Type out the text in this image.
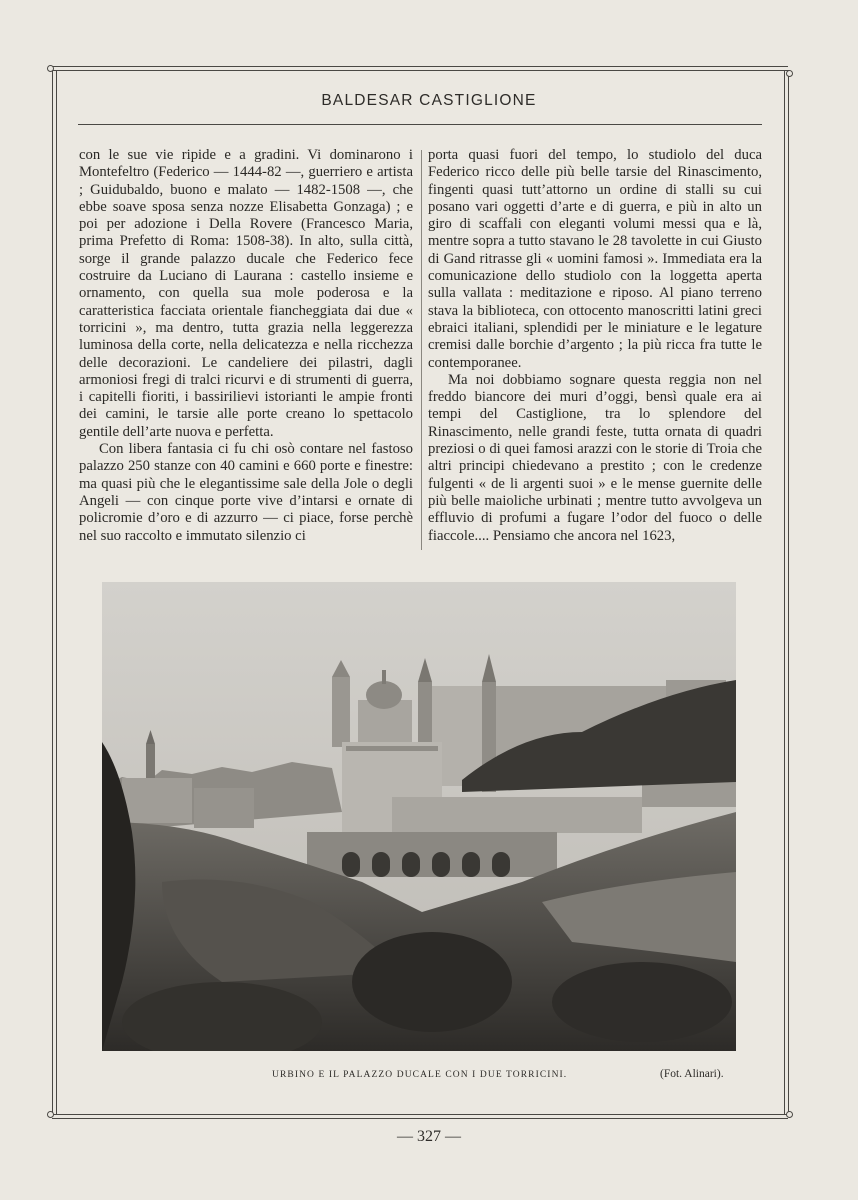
BALDESAR CASTIGLIONE

con le sue vie ripide e a gradini. Vi dominarono i Montefeltro (Federico — 1444-82 —, guerriero e artista ; Guidubaldo, buono e malato — 1482-1508 —, che ebbe soave sposa senza nozze Elisabetta Gonzaga) ; e poi per adozione i Della Rovere (Francesco Maria, prima Prefetto di Roma: 1508-38). In alto, sulla città, sorge il grande palazzo ducale che Federico fece costruire da Luciano di Laurana : castello insieme e ornamento, con quella sua mole poderosa e la caratteristica facciata orientale fiancheggiata dai due « torricini », ma dentro, tutta grazia nella leggerezza luminosa della corte, nella delicatezza e nella ricchezza delle decorazioni. Le candeliere dei pilastri, dagli armoniosi fregi di tralci ricurvi e di strumenti di guerra, i capitelli fioriti, i bassirilievi istorianti le ampie fronti dei camini, le tarsie alle porte creano lo spettacolo gentile dell’arte nuova e perfetta.

Con libera fantasia ci fu chi osò contare nel fastoso palazzo 250 stanze con 40 camini e 660 porte e finestre: ma quasi più che le elegantissime sale della Jole o degli Angeli — con cinque porte vive d’intarsi e ornate di policromie d’oro e di azzurro — ci piace, forse perchè nel suo raccolto e immutato silenzio ci

porta quasi fuori del tempo, lo studiolo del duca Federico ricco delle più belle tarsie del Rinascimento, fingenti quasi tutt’attorno un ordine di stalli su cui posano vari oggetti d’arte e di guerra, e più in alto un giro di scaffali con eleganti volumi messi qua e là, mentre sopra a tutto stavano le 28 tavolette in cui Giusto di Gand ritrasse gli « uomini famosi ». Immediata era la comunicazione dello studiolo con la loggetta aperta sulla vallata : meditazione e riposo. Al piano terreno stava la biblioteca, con ottocento manoscritti latini greci ebraici italiani, splendidi per le miniature e le legature cremisi dalle borchie d’argento ; la più ricca fra tutte le contemporanee.

Ma noi dobbiamo sognare questa reggia non nel freddo biancore dei muri d’oggi, bensì quale era ai tempi del Castiglione, tra lo splendore del Rinascimento, nelle grandi feste, tutta ornata di quadri preziosi o di quei famosi arazzi con le storie di Troia che altri principi chiedevano a prestito ; con le credenze fulgenti « de li argenti suoi » e le mense guernite delle più belle maioliche urbinati ; mentre tutto avvolgeva un effluvio di profumi a fugare l’odor del fuoco o delle fiaccole.... Pensiamo che ancora nel 1623,

URBINO E IL PALAZZO DUCALE CON I DUE TORRICINI.	(Fot. Alinari).
— 327 —
